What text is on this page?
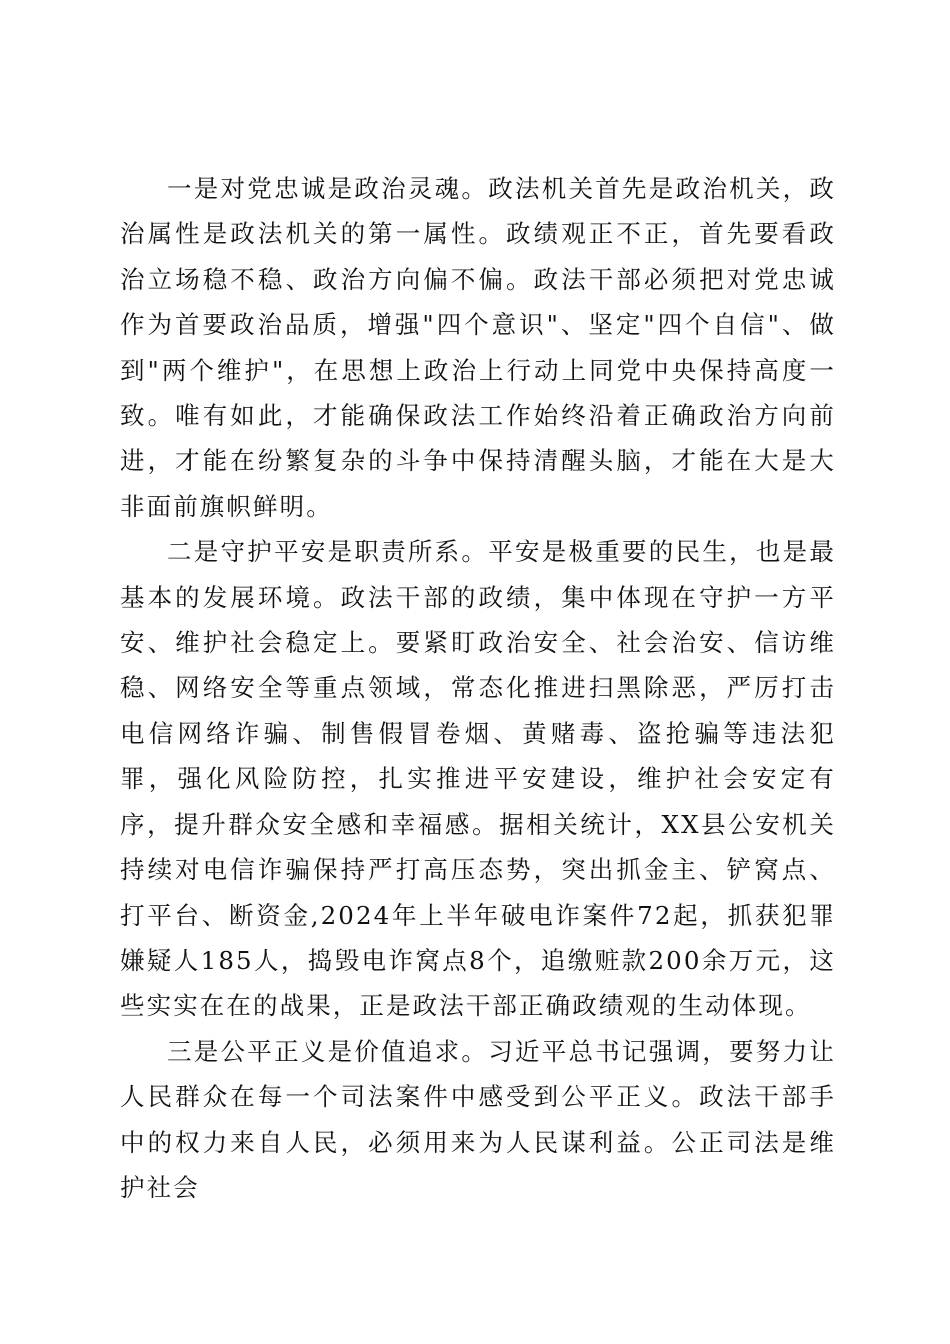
一是对党忠诚是政治灵魂。政法机关首先是政治机关，政治属性是政法机关的第一属性。政绩观正不正，首先要看政治立场稳不稳、政治方向偏不偏。政法干部必须把对党忠诚作为首要政治品质，增强"四个意识"、坚定"四个自信"、做到"两个维护"，在思想上政治上行动上同党中央保持高度一致。唯有如此，才能确保政法工作始终沿着正确政治方向前进，才能在纷繁复杂的斗争中保持清醒头脑，才能在大是大非面前旗帜鲜明。

二是守护平安是职责所系。平安是极重要的民生，也是最基本的发展环境。政法干部的政绩，集中体现在守护一方平安、维护社会稳定上。要紧盯政治安全、社会治安、信访维稳、网络安全等重点领域，常态化推进扫黑除恶，严厉打击电信网络诈骗、制售假冒卷烟、黄赌毒、盗抢骗等违法犯罪，强化风险防控，扎实推进平安建设，维护社会安定有序，提升群众安全感和幸福感。据相关统计，XX县公安机关持续对电信诈骗保持严打高压态势，突出抓金主、铲窝点、打平台、断资金,2024年上半年破电诈案件72起，抓获犯罪嫌疑人185人，捣毁电诈窝点8个，追缴赃款200余万元，这些实实在在的战果，正是政法干部正确政绩观的生动体现。

三是公平正义是价值追求。习近平总书记强调，要努力让人民群众在每一个司法案件中感受到公平正义。政法干部手中的权力来自人民，必须用来为人民谋利益。公正司法是维护社会
